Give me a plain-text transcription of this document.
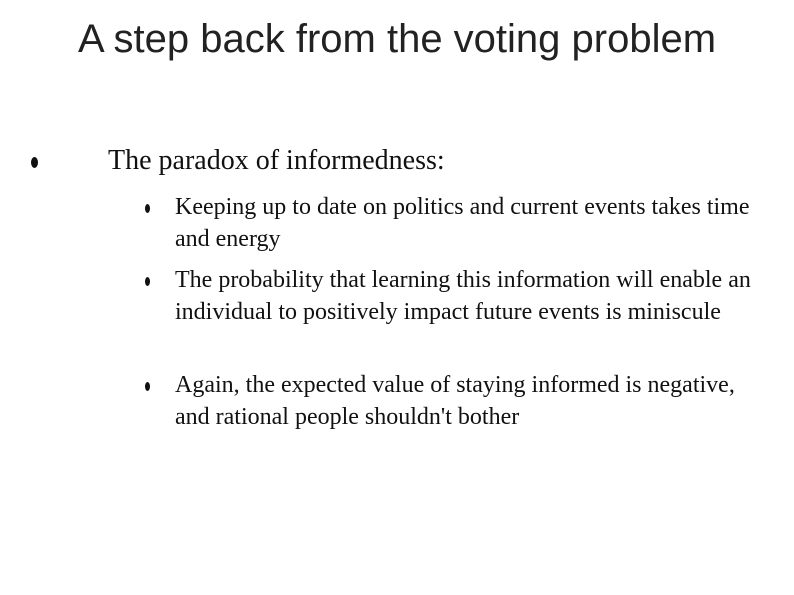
A step back from the voting problem
The paradox of informedness:
Keeping up to date on politics and current events takes time and energy
The probability that learning this information will enable an individual to positively impact future events is miniscule
Again, the expected value of staying informed is negative, and rational people shouldn't bother
